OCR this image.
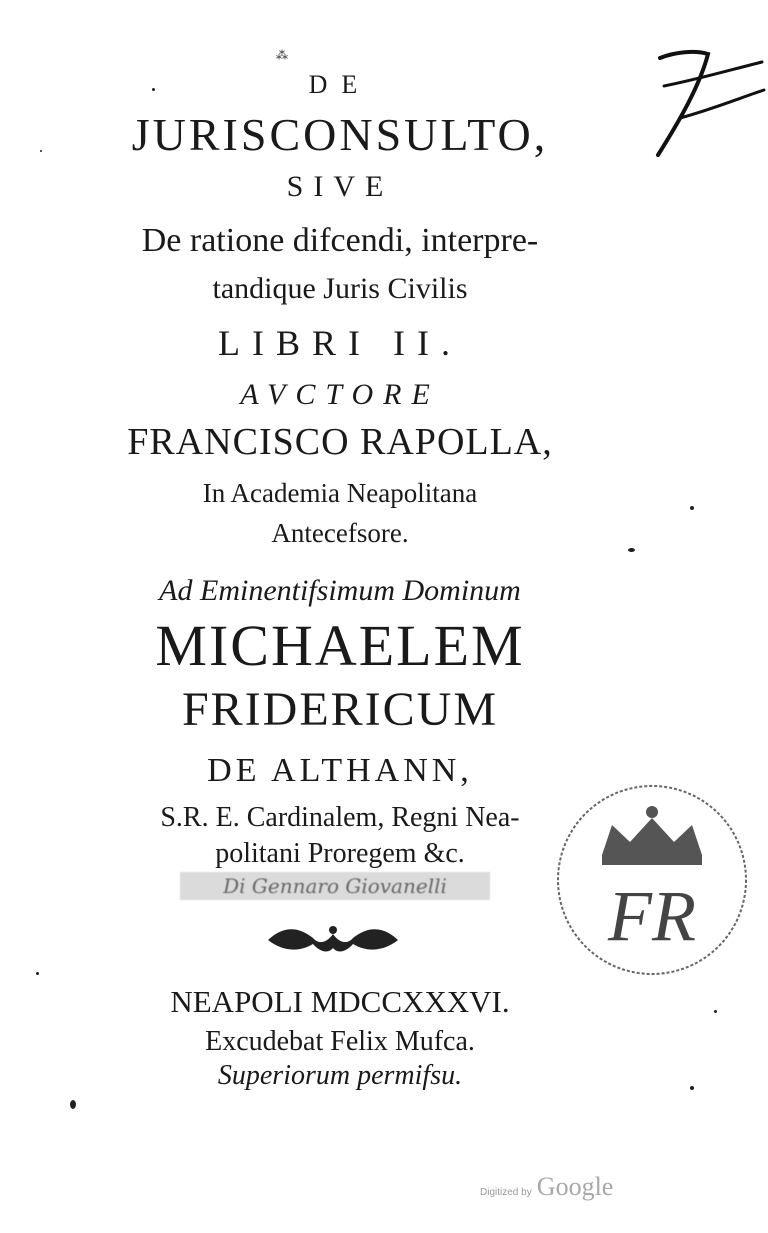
⁂
DE
JURISCONSULTO,
SIVE
De ratione difcendi, interpre-
tandique Juris Civilis
LIBRI II.
AVCTORE
FRANCISCO RAPOLLA,
In Academia Neapolitana
Antecefsore.
Ad Eminentifsimum Dominum
MICHAELEM
FRIDERICUM
DE ALTHANN,
S.R. E. Cardinalem, Regni Nea-
politani Proregem &c.
Di Gennaro Giovanelli
NEAPOLI MDCCXXXVI.
Excudebat Felix Mufca.
Superiorum permifsu.
FR
Digitized by Google
